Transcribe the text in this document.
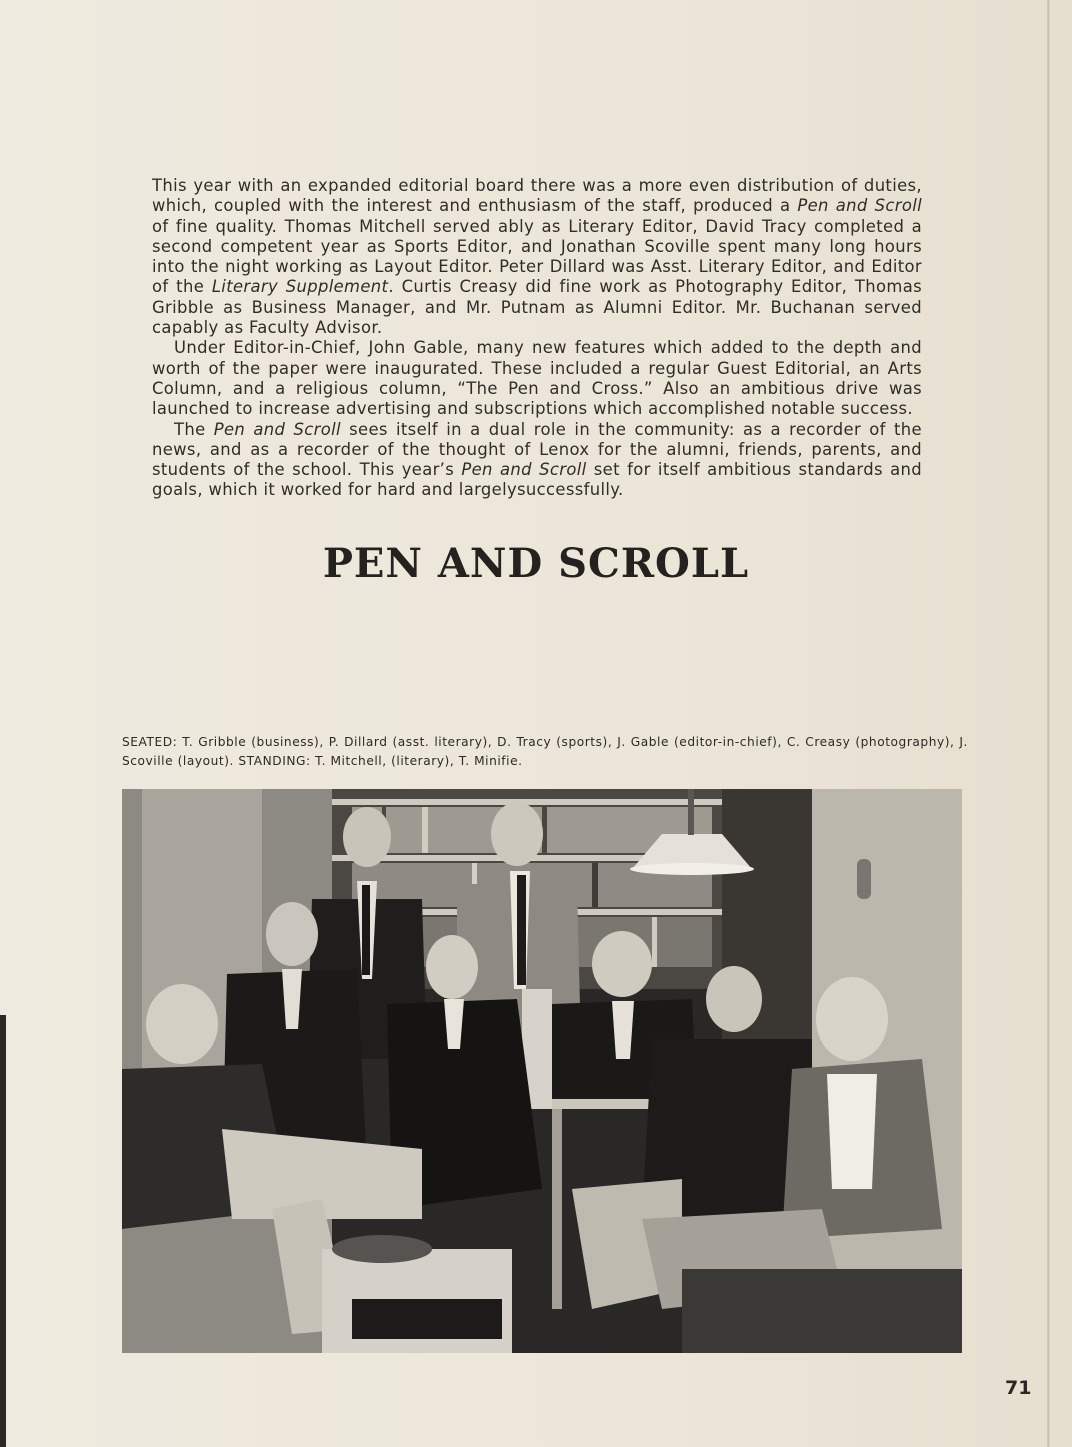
This year with an expanded editorial board there was a more even distribution of duties, which, coupled with the interest and enthusiasm of the staff, produced a Pen and Scroll of fine quality. Thomas Mitchell served ably as Literary Editor, David Tracy completed a second competent year as Sports Editor, and Jonathan Scoville spent many long hours into the night working as Layout Editor. Peter Dillard was Asst. Literary Editor, and Editor of the Literary Supplement. Curtis Creasy did fine work as Photography Editor, Thomas Gribble as Business Manager, and Mr. Putnam as Alumni Editor. Mr. Buchanan served capably as Faculty Advisor.

Under Editor-in-Chief, John Gable, many new features which added to the depth and worth of the paper were inaugurated. These included a regular Guest Editorial, an Arts Column, and a religious column, “The Pen and Cross.” Also an ambitious drive was launched to increase advertising and subscriptions which accomplished notable success.

The Pen and Scroll sees itself in a dual role in the community: as a recorder of the news, and as a recorder of the thought of Lenox for the alumni, friends, parents, and students of the school. This year’s Pen and Scroll set for itself ambitious standards and goals, which it worked for hard and largelysuccessfully.

PEN AND SCROLL
SEATED: T. Gribble (business), P. Dillard (asst. literary), D. Tracy (sports), J. Gable (editor-in-chief), C. Creasy (photography), J. Scoville (layout). STANDING: T. Mitchell, (literary), T. Minifie.
71
